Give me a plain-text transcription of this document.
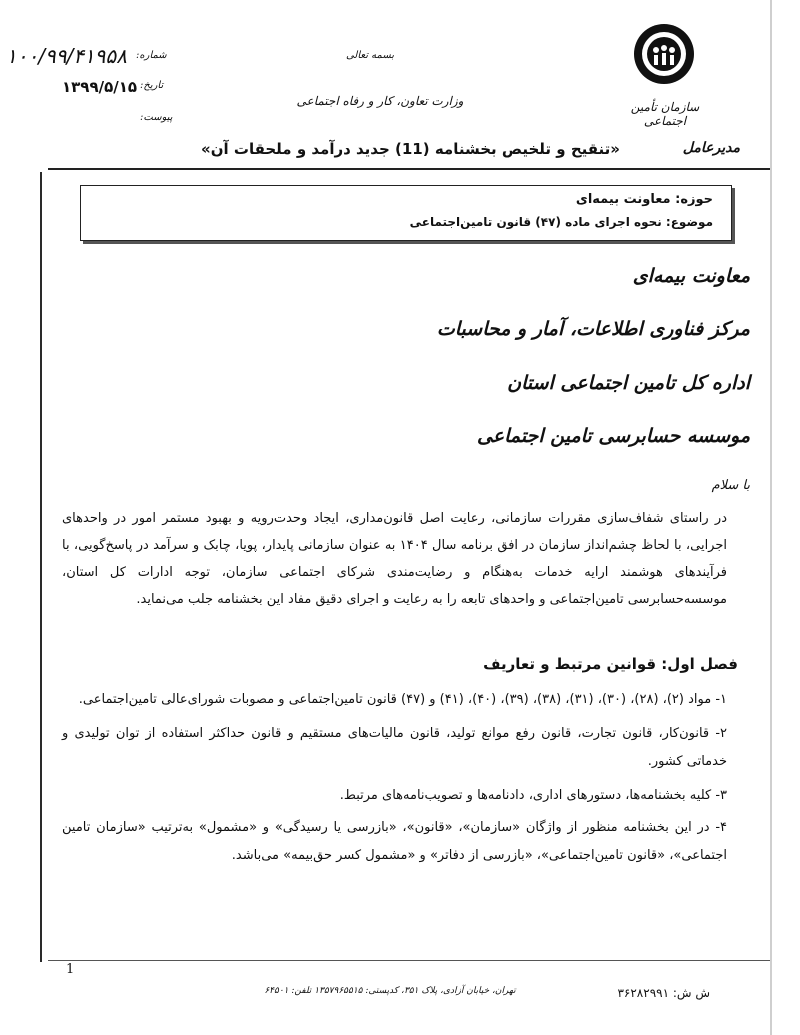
سازمان تأمین اجتماعی
بسمه تعالی
وزارت تعاون، کار و رفاه اجتماعی
۱۰۰/۹۹/۴۱۹۵۸ شماره:
۱۳۹۹/۵/۱۵ تاریخ:
پیوست:
«تنقیح و تلخیص بخشنامه (11) جدید درآمد و ملحقات آن»	مدیرعامل
حوزه: معاونت بیمه‌ای
موضوع: نحوه اجرای ماده (۴۷) قانون تامین‌اجتماعی
معاونت بیمه‌ای
مرکز فناوری اطلاعات، آمار و محاسبات
اداره کل تامین اجتماعی استان
موسسه حسابرسی تامین اجتماعی
با سلام
در راستای شفاف‌سازی مقررات سازمانی، رعایت اصل قانون‌مداری، ایجاد وحدت‌رویه و بهبود مستمر امور در واحدهای اجرایی، با لحاظ چشم‌انداز سازمان در افق برنامه سال ۱۴۰۴ به عنوان سازمانی پایدار، پویا، چابک و سرآمد در پاسخ‌گویی، با فرآیندهای هوشمند ارایه خدمات به‌هنگام و رضایت‌مندی شرکای اجتماعی سازمان، توجه ادارات کل استان، موسسه‌حسابرسی تامین‌اجتماعی و واحدهای تابعه را به رعایت و اجرای دقیق مفاد این بخشنامه جلب می‌نماید.
فصل اول: قوانین مرتبط و تعاریف

۱- مواد (۲)، (۲۸)، (۳۰)، (۳۱)، (۳۸)، (۳۹)، (۴۰)، (۴۱) و (۴۷) قانون تامین‌اجتماعی و مصوبات شورای‌عالی تامین‌اجتماعی.

۲- قانون‌کار، قانون تجارت، قانون رفع موانع تولید، قانون مالیات‌های مستقیم و قانون حداکثر استفاده از توان تولیدی و خدماتی کشور.

۳- کلیه بخشنامه‌ها، دستورهای اداری، دادنامه‌ها و تصویب‌نامه‌های مرتبط.

۴- در این بخشنامه منظور از واژگان «سازمان»، «قانون»، «بازرسی یا رسیدگی» و «مشمول» به‌ترتیب «سازمان تامین اجتماعی»، «قانون تامین‌اجتماعی»، «بازرسی از دفاتر» و «مشمول کسر حق‌بیمه» می‌باشد.

1
تهران، خیابان آزادی، پلاک ۳۵۱، کدپستی: ۱۳۵۷۹۶۵۵۱۵ تلفن: ۶۴۵۰۱	ش ش: ۳۶۲۸۲۹۹۱
